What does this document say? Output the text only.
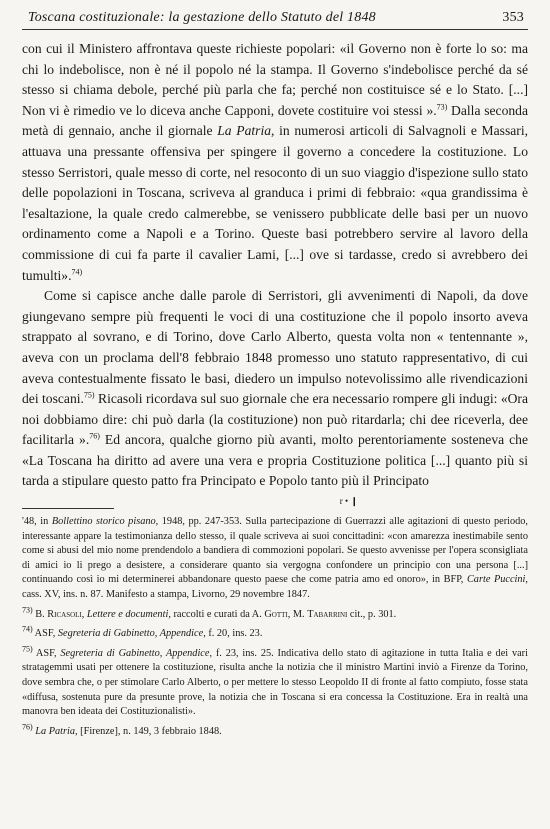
Toscana costituzionale: la gestazione dello Statuto del 1848	353

con cui il Ministero affrontava queste richieste popolari: «il Governo non è forte lo so: ma chi lo indebolisce, non è né il popolo né la stampa. Il Governo s'indebolisce perché da sé stesso si chiama debole, perché più parla che fa; perché non costituisce sé e lo Stato. [...] Non vi è rimedio ve lo diceva anche Capponi, dovete costituire voi stessi ».$^{73)}$ Dalla seconda metà di gennaio, anche il giornale La Patria, in numerosi articoli di Salvagnoli e Massari, attuava una pressante offensiva per spingere il governo a concedere la costituzione. Lo stesso Serristori, quale messo di corte, nel resoconto di un suo viaggio d'ispezione sullo stato delle popolazioni in Toscana, scriveva al granduca i primi di febbraio: «qua grandissima è l'esaltazione, la quale credo calmerebbe, se venissero pubblicate delle basi per un nuovo ordinamento come a Napoli e a Torino. Queste basi potrebbero servire al lavoro della commissione di cui fa parte il cavalier Lami, [...] ove si tardasse, credo si avrebbero dei tumulti».$^{74)}$

Come si capisce anche dalle parole di Serristori, gli avvenimenti di Napoli, da dove giungevano sempre più frequenti le voci di una costituzione che il popolo insorto aveva strappato al sovrano, e di Torino, dove Carlo Alberto, questa volta non « tentennante », aveva con un proclama dell'8 febbraio 1848 promesso uno statuto rappresentativo, di cui aveva contestualmente fissato le basi, diedero un impulso notevolissimo alle rivendicazioni dei toscani.$^{75)}$ Ricasoli ricordava sul suo giornale che era necessario rompere gli indugi: «Ora noi dobbiamo dire: chi può darla (la costituzione) non può ritardarla; chi dee riceverla, dee facilitarla ».$^{76)}$ Ed ancora, qualche giorno più avanti, molto perentoriamente sosteneva che «La Toscana ha diritto ad avere una vera e propria Costituzione politica [...] quanto più si tarda a stipulare questo patto fra Principato e Popolo tanto più il Principato

r • ❙

'48, in Bollettino storico pisano, 1948, pp. 247-353. Sulla partecipazione di Guerrazzi alle agitazioni di questo periodo, interessante appare la testimonianza dello stesso, il quale scriveva ai suoi concittadini: «con amarezza inestimabile sento come si abusi del mio nome prendendolo a bandiera di commozioni popolari. Se questo avvenisse per l'opera sconsigliata di amici io li prego a desistere, a considerare quanto sia vergogna confondere un principio con una persona [...] continuando così io mi determinerei abbandonare questo paese che come patria amo ed onoro», in BFP, Carte Puccini, cass. XV, ins. n. 87. Manifesto a stampa, Livorno, 29 novembre 1847.

$^{73)}$ B. Ricasoli, Lettere e documenti, raccolti e curati da A. Gotti, M. Tabarrini cit., p. 301.

$^{74)}$ ASF, Segreteria di Gabinetto, Appendice, f. 20, ins. 23.

$^{75)}$ ASF, Segreteria di Gabinetto, Appendice, f. 23, ins. 25. Indicativa dello stato di agitazione in tutta Italia e dei vari stratagemmi usati per ottenere la costituzione, risulta anche la notizia che il ministro Martini inviò a Firenze da Torino, dove sembra che, o per stimolare Carlo Alberto, o per mettere lo stesso Leopoldo II di fronte al fatto compiuto, fosse stata «diffusa, sostenuta pure da presunte prove, la notizia che in Toscana si era concessa la Costituzione. Era in realtà una manovra ben ideata dei Costituzionalisti».

$^{76)}$ La Patria, [Firenze], n. 149, 3 febbraio 1848.
